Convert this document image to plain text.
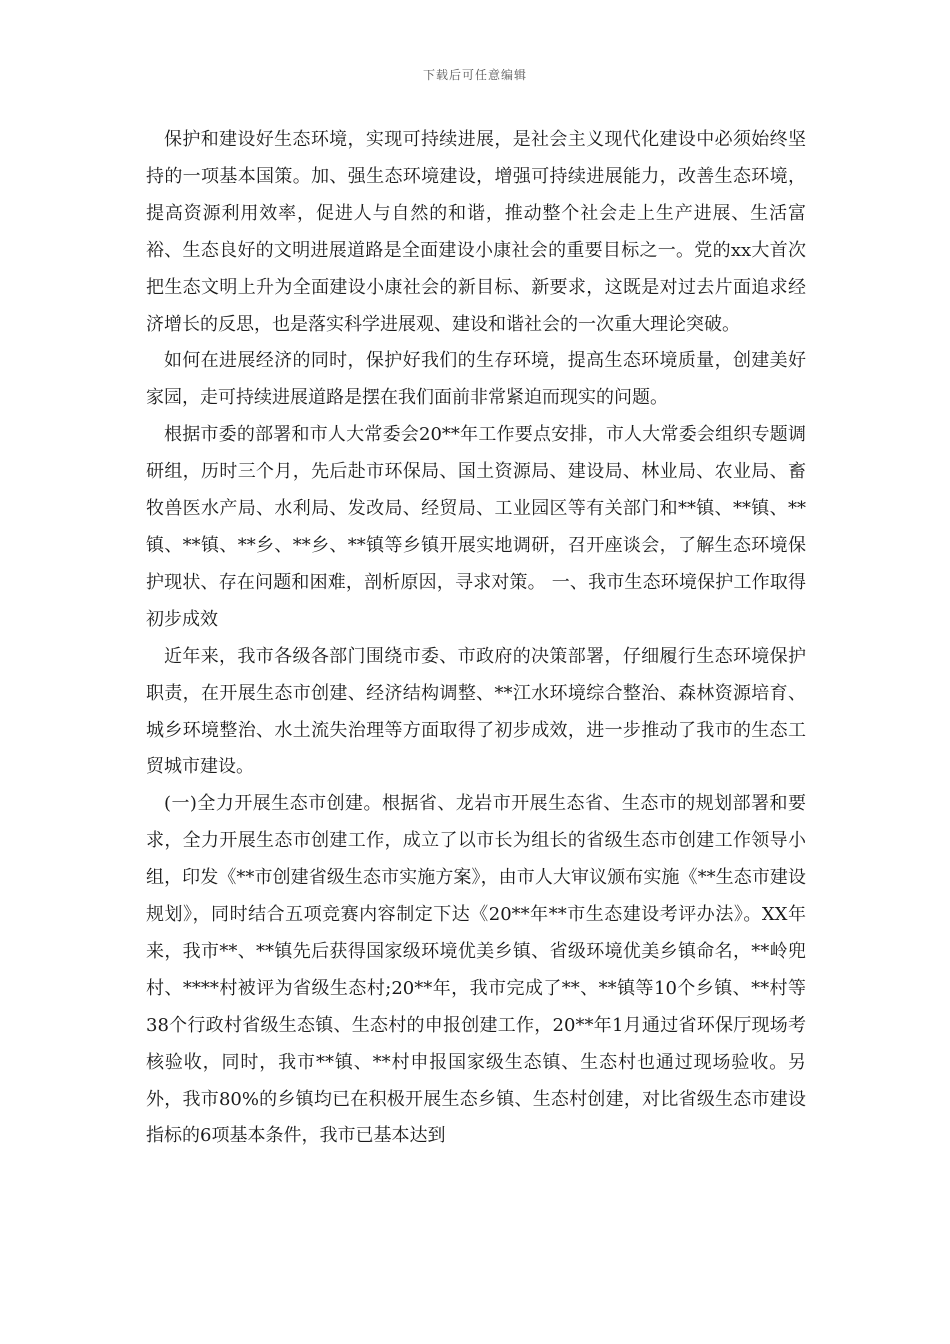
下载后可任意编辑

保护和建设好生态环境，实现可持续进展，是社会主义现代化建设中必须始终坚持的一项基本国策。加、强生态环境建设，增强可持续进展能力，改善生态环境，提高资源利用效率，促进人与自然的和谐，推动整个社会走上生产进展、生活富裕、生态良好的文明进展道路是全面建设小康社会的重要目标之一。党的xx大首次把生态文明上升为全面建设小康社会的新目标、新要求，这既是对过去片面追求经济增长的反思，也是落实科学进展观、建设和谐社会的一次重大理论突破。

如何在进展经济的同时，保护好我们的生存环境，提高生态环境质量，创建美好家园，走可持续进展道路是摆在我们面前非常紧迫而现实的问题。

根据市委的部署和市人大常委会20**年工作要点安排，市人大常委会组织专题调研组，历时三个月，先后赴市环保局、国土资源局、建设局、林业局、农业局、畜牧兽医水产局、水利局、发改局、经贸局、工业园区等有关部门和**镇、**镇、**镇、**镇、**乡、**乡、**镇等乡镇开展实地调研，召开座谈会，了解生态环境保护现状、存在问题和困难，剖析原因，寻求对策。 一、我市生态环境保护工作取得初步成效

近年来，我市各级各部门围绕市委、市政府的决策部署，仔细履行生态环境保护职责，在开展生态市创建、经济结构调整、**江水环境综合整治、森林资源培育、城乡环境整治、水土流失治理等方面取得了初步成效，进一步推动了我市的生态工贸城市建设。

(一)全力开展生态市创建。根据省、龙岩市开展生态省、生态市的规划部署和要求，全力开展生态市创建工作，成立了以市长为组长的省级生态市创建工作领导小组，印发《**市创建省级生态市实施方案》，由市人大审议颁布实施《**生态市建设规划》，同时结合五项竞赛内容制定下达《20**年**市生态建设考评办法》。XX年来，我市**、**镇先后获得国家级环境优美乡镇、省级环境优美乡镇命名，**岭兜村、****村被评为省级生态村;20**年，我市完成了**、**镇等10个乡镇、**村等38个行政村省级生态镇、生态村的申报创建工作，20**年1月通过省环保厅现场考核验收，同时，我市**镇、**村申报国家级生态镇、生态村也通过现场验收。另外，我市80%的乡镇均已在积极开展生态乡镇、生态村创建，对比省级生态市建设指标的6项基本条件，我市已基本达到
